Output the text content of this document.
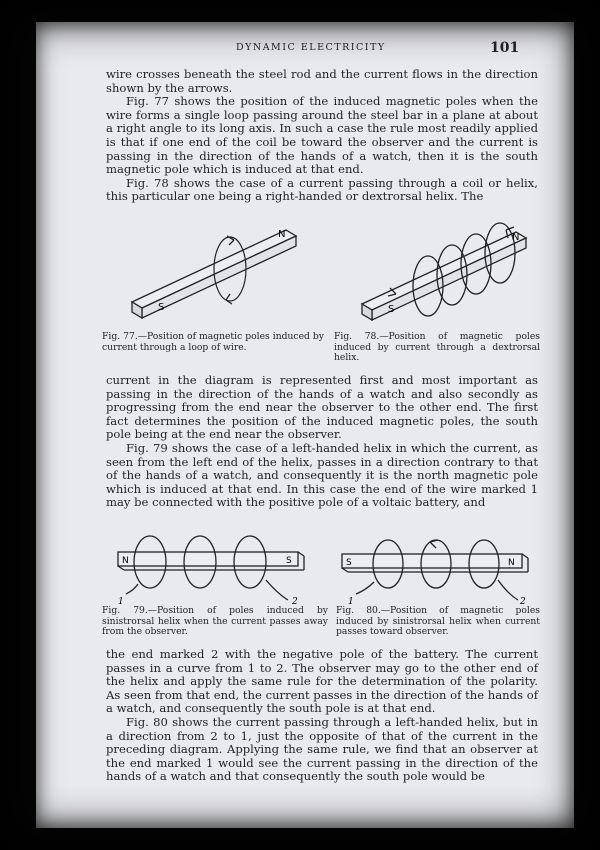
DYNAMIC ELECTRICITY	101

wire crosses beneath the steel rod and the current flows in the direction shown by the arrows.

Fig. 77 shows the position of the induced magnetic poles when the wire forms a single loop passing around the steel bar in a plane at about a right angle to its long axis. In such a case the rule most readily applied is that if one end of the coil be toward the observer and the current is passing in the direction of the hands of a watch, then it is the south magnetic pole which is induced at that end.

Fig. 78 shows the case of a current passing through a coil or helix, this particular one being a right-handed or dextrorsal helix. The

S
N
S
N
Fig. 77.—Position of magnetic poles induced by current through a loop of wire.
Fig. 78.—Position of magnetic poles induced by current through a dextrorsal helix.

current in the diagram is represented first and most important as passing in the direction of the hands of a watch and also secondly as progressing from the end near the observer to the other end. The first fact determines the position of the induced magnetic poles, the south pole being at the end near the observer.

Fig. 79 shows the case of a left-handed helix in which the current, as seen from the left end of the helix, passes in a direction contrary to that of the hands of a watch, and consequently it is the north magnetic pole which is induced at that end. In this case the end of the wire marked 1 may be connected with the positive pole of a voltaic battery, and

N	S
1	2
S	N
1	2
Fig. 79.—Position of poles induced by sinistrorsal helix when the current passes away from the observer.
Fig. 80.—Position of magnetic poles induced by sinistrorsal helix when current passes toward observer.

the end marked 2 with the negative pole of the battery. The current passes in a curve from 1 to 2. The observer may go to the other end of the helix and apply the same rule for the determination of the polarity. As seen from that end, the current passes in the direction of the hands of a watch, and consequently the south pole is at that end.

Fig. 80 shows the current passing through a left-handed helix, but in a direction from 2 to 1, just the opposite of that of the current in the preceding diagram. Applying the same rule, we find that an observer at the end marked 1 would see the current passing in the direction of the hands of a watch and that consequently the south pole would be
